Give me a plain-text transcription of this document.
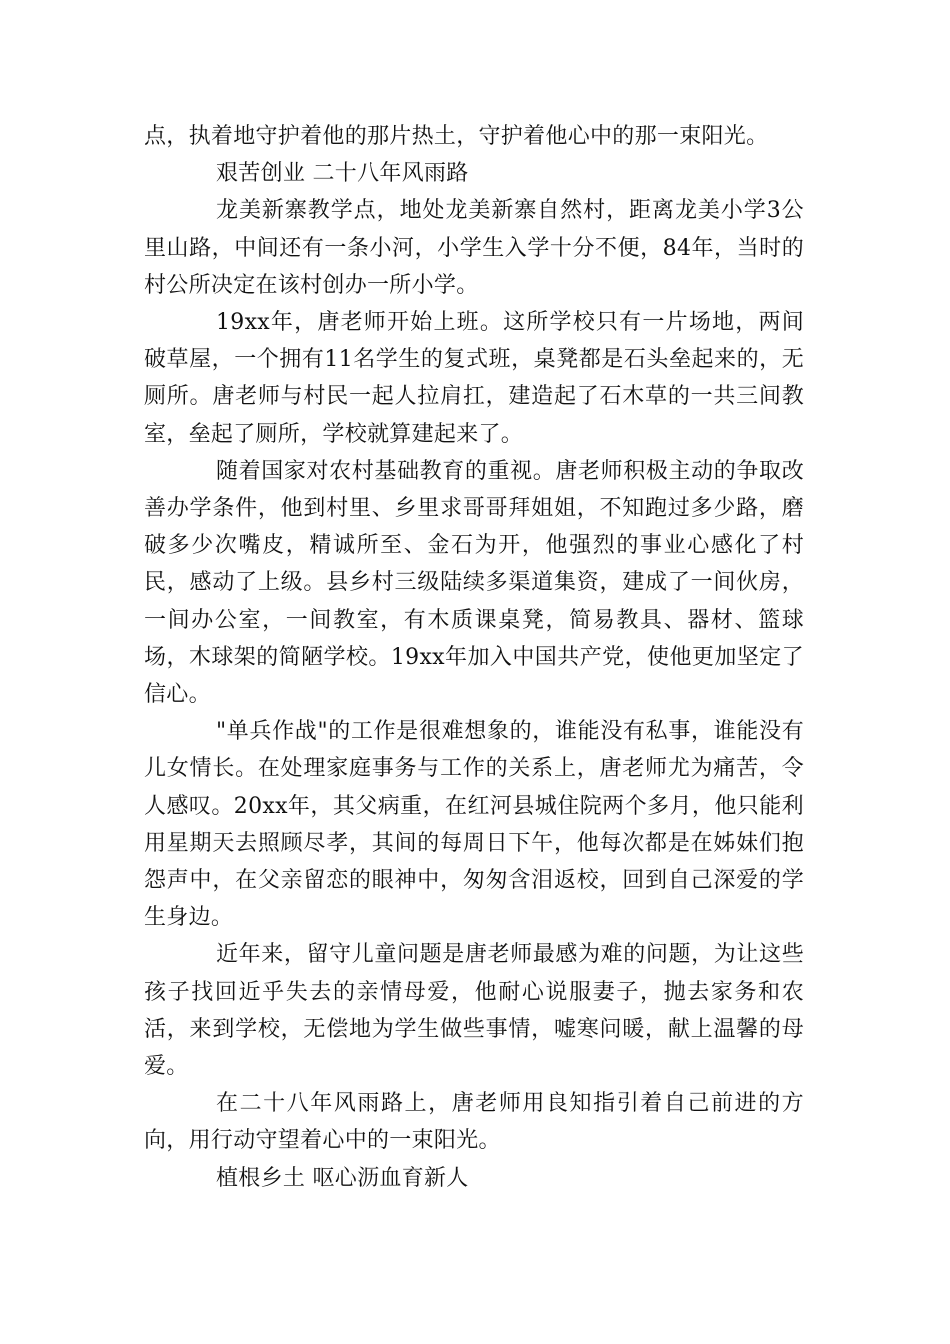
点，执着地守护着他的那片热土，守护着他心中的那一束阳光。

艰苦创业 二十八年风雨路

龙美新寨教学点，地处龙美新寨自然村，距离龙美小学3公里山路，中间还有一条小河，小学生入学十分不便，84年，当时的村公所决定在该村创办一所小学。

19xx年，唐老师开始上班。这所学校只有一片场地，两间破草屋，一个拥有11名学生的复式班，桌凳都是石头垒起来的，无厕所。唐老师与村民一起人拉肩扛，建造起了石木草的一共三间教室，垒起了厕所，学校就算建起来了。

随着国家对农村基础教育的重视。唐老师积极主动的争取改善办学条件，他到村里、乡里求哥哥拜姐姐，不知跑过多少路，磨破多少次嘴皮，精诚所至、金石为开，他强烈的事业心感化了村民，感动了上级。县乡村三级陆续多渠道集资，建成了一间伙房，一间办公室，一间教室，有木质课桌凳，简易教具、器材、篮球场，木球架的简陋学校。19xx年加入中国共产党，使他更加坚定了信心。

"单兵作战"的工作是很难想象的，谁能没有私事，谁能没有儿女情长。在处理家庭事务与工作的关系上，唐老师尤为痛苦，令人感叹。20xx年，其父病重，在红河县城住院两个多月，他只能利用星期天去照顾尽孝，其间的每周日下午，他每次都是在姊妹们抱怨声中，在父亲留恋的眼神中，匆匆含泪返校，回到自己深爱的学生身边。

近年来，留守儿童问题是唐老师最感为难的问题，为让这些孩子找回近乎失去的亲情母爱，他耐心说服妻子，抛去家务和农活，来到学校，无偿地为学生做些事情，嘘寒问暖，献上温馨的母爱。

在二十八年风雨路上，唐老师用良知指引着自己前进的方向，用行动守望着心中的一束阳光。

植根乡土 呕心沥血育新人
